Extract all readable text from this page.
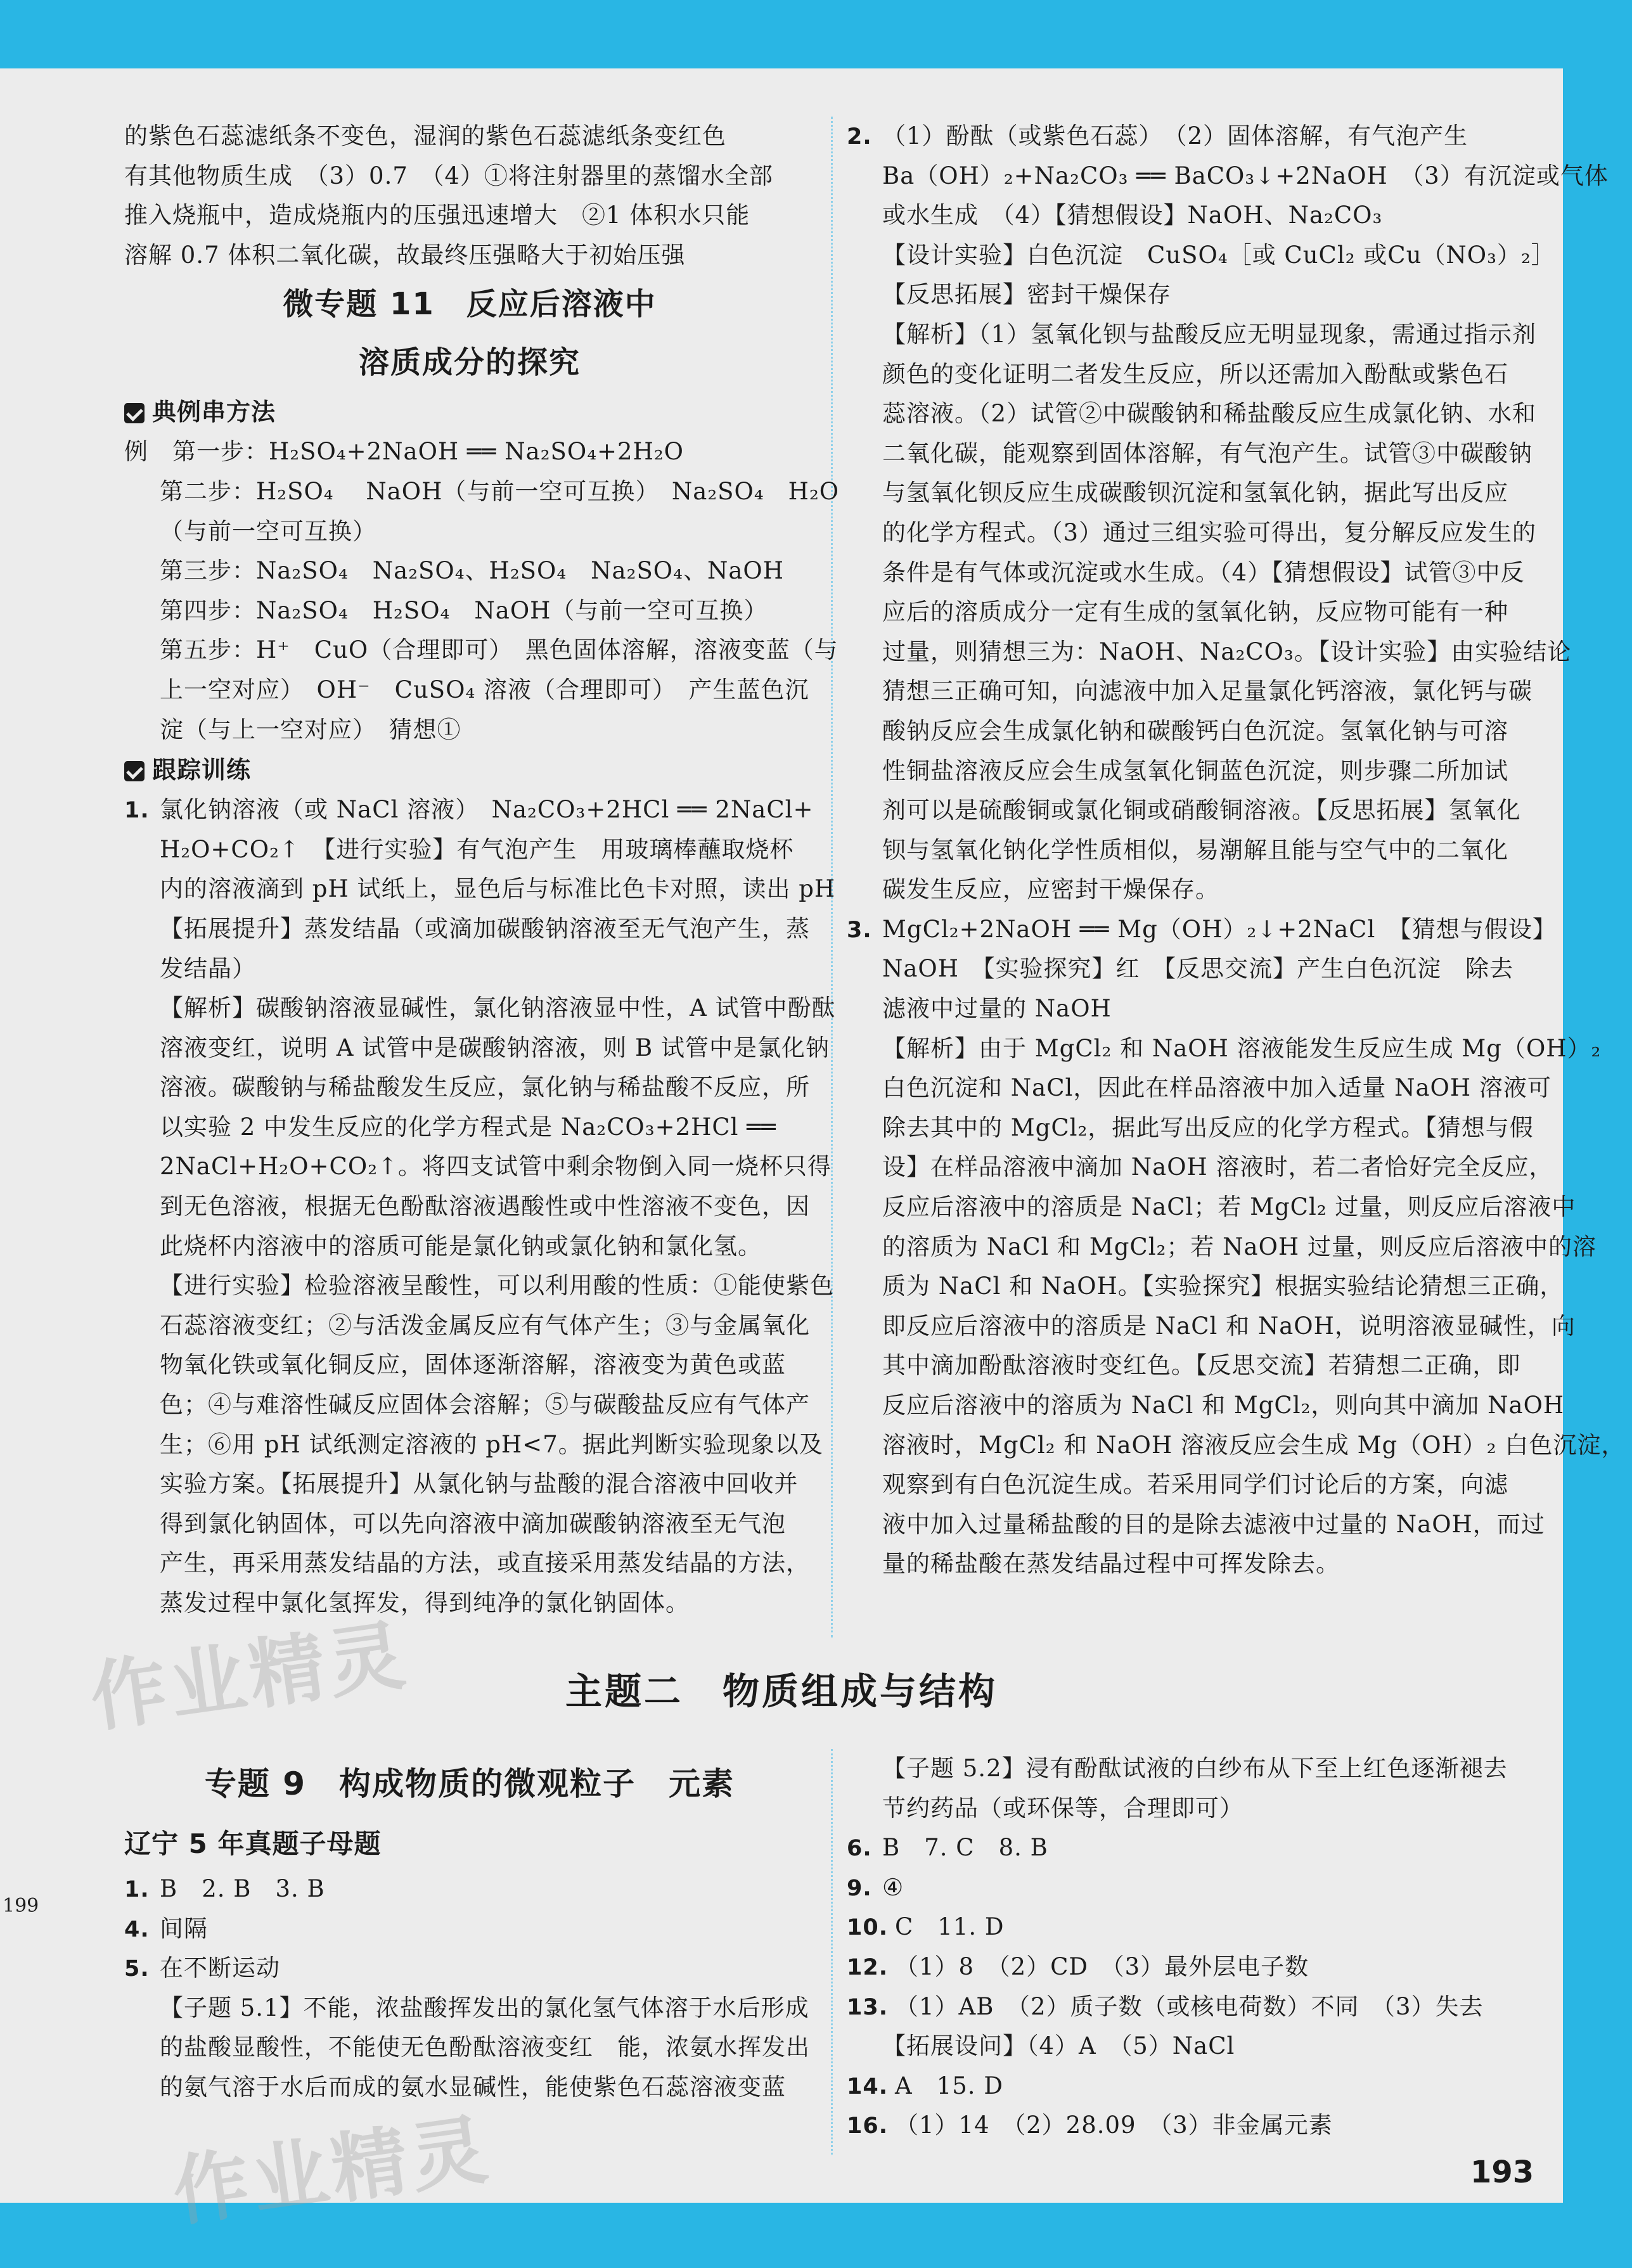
的紫色石蕊滤纸条不变色，湿润的紫色石蕊滤纸条变红色
有其他物质生成　（3）0.7　（4）①将注射器里的蒸馏水全部
推入烧瓶中，造成烧瓶内的压强迅速增大　②1 体积水只能
溶解 0.7 体积二氧化碳，故最终压强略大于初始压强
微专题 11　反应后溶液中
溶质成分的探究
典例串方法
例　第一步：H₂SO₄+2NaOH ══ Na₂SO₄+2H₂O
第二步：H₂SO₄　 NaOH（与前一空可互换）　Na₂SO₄　H₂O
（与前一空可互换）
第三步：Na₂SO₄　Na₂SO₄、H₂SO₄　Na₂SO₄、NaOH
第四步：Na₂SO₄　H₂SO₄　NaOH（与前一空可互换）
第五步：H⁺　CuO（合理即可）　黑色固体溶解，溶液变蓝（与
上一空对应）　OH⁻　CuSO₄ 溶液（合理即可）　产生蓝色沉
淀（与上一空对应）　猜想①
跟踪训练
1. 氯化钠溶液（或 NaCl 溶液）　Na₂CO₃+2HCl ══ 2NaCl+
H₂O+CO₂↑　【进行实验】有气泡产生　用玻璃棒蘸取烧杯
内的溶液滴到 pH 试纸上，显色后与标准比色卡对照，读出 pH
【拓展提升】蒸发结晶（或滴加碳酸钠溶液至无气泡产生，蒸
发结晶）
【解析】碳酸钠溶液显碱性，氯化钠溶液显中性，A 试管中酚酞
溶液变红，说明 A 试管中是碳酸钠溶液，则 B 试管中是氯化钠
溶液。碳酸钠与稀盐酸发生反应，氯化钠与稀盐酸不反应，所
以实验 2 中发生反应的化学方程式是 Na₂CO₃+2HCl ══
2NaCl+H₂O+CO₂↑。将四支试管中剩余物倒入同一烧杯只得
到无色溶液，根据无色酚酞溶液遇酸性或中性溶液不变色，因
此烧杯内溶液中的溶质可能是氯化钠或氯化钠和氯化氢。
【进行实验】检验溶液呈酸性，可以利用酸的性质：①能使紫色
石蕊溶液变红；②与活泼金属反应有气体产生；③与金属氧化
物氧化铁或氧化铜反应，固体逐渐溶解，溶液变为黄色或蓝
色；④与难溶性碱反应固体会溶解；⑤与碳酸盐反应有气体产
生；⑥用 pH 试纸测定溶液的 pH<7。据此判断实验现象以及
实验方案。【拓展提升】从氯化钠与盐酸的混合溶液中回收并
得到氯化钠固体，可以先向溶液中滴加碳酸钠溶液至无气泡
产生，再采用蒸发结晶的方法，或直接采用蒸发结晶的方法，
蒸发过程中氯化氢挥发，得到纯净的氯化钠固体。
2. （1）酚酞（或紫色石蕊）　（2）固体溶解，有气泡产生
Ba（OH）₂+Na₂CO₃ ══ BaCO₃↓+2NaOH　（3）有沉淀或气体
或水生成　（4）【猜想假设】NaOH、Na₂CO₃
【设计实验】白色沉淀　CuSO₄［或 CuCl₂ 或Cu（NO₃）₂］
【反思拓展】密封干燥保存
【解析】（1）氢氧化钡与盐酸反应无明显现象，需通过指示剂
颜色的变化证明二者发生反应，所以还需加入酚酞或紫色石
蕊溶液。（2）试管②中碳酸钠和稀盐酸反应生成氯化钠、水和
二氧化碳，能观察到固体溶解，有气泡产生。试管③中碳酸钠
与氢氧化钡反应生成碳酸钡沉淀和氢氧化钠，据此写出反应
的化学方程式。（3）通过三组实验可得出，复分解反应发生的
条件是有气体或沉淀或水生成。（4）【猜想假设】试管③中反
应后的溶质成分一定有生成的氢氧化钠，反应物可能有一种
过量，则猜想三为：NaOH、Na₂CO₃。【设计实验】由实验结论
猜想三正确可知，向滤液中加入足量氯化钙溶液，氯化钙与碳
酸钠反应会生成氯化钠和碳酸钙白色沉淀。氢氧化钠与可溶
性铜盐溶液反应会生成氢氧化铜蓝色沉淀，则步骤二所加试
剂可以是硫酸铜或氯化铜或硝酸铜溶液。【反思拓展】氢氧化
钡与氢氧化钠化学性质相似，易潮解且能与空气中的二氧化
碳发生反应，应密封干燥保存。
3. MgCl₂+2NaOH ══ Mg（OH）₂↓+2NaCl　【猜想与假设】
NaOH　【实验探究】红　【反思交流】产生白色沉淀　除去
滤液中过量的 NaOH
【解析】由于 MgCl₂ 和 NaOH 溶液能发生反应生成 Mg（OH）₂
白色沉淀和 NaCl，因此在样品溶液中加入适量 NaOH 溶液可
除去其中的 MgCl₂，据此写出反应的化学方程式。【猜想与假
设】在样品溶液中滴加 NaOH 溶液时，若二者恰好完全反应，
反应后溶液中的溶质是 NaCl；若 MgCl₂ 过量，则反应后溶液中
的溶质为 NaCl 和 MgCl₂；若 NaOH 过量，则反应后溶液中的溶
质为 NaCl 和 NaOH。【实验探究】根据实验结论猜想三正确，
即反应后溶液中的溶质是 NaCl 和 NaOH，说明溶液显碱性，向
其中滴加酚酞溶液时变红色。【反思交流】若猜想二正确，即
反应后溶液中的溶质为 NaCl 和 MgCl₂，则向其中滴加 NaOH
溶液时，MgCl₂ 和 NaOH 溶液反应会生成 Mg（OH）₂ 白色沉淀，
观察到有白色沉淀生成。若采用同学们讨论后的方案，向滤
液中加入过量稀盐酸的目的是除去滤液中过量的 NaOH，而过
量的稀盐酸在蒸发结晶过程中可挥发除去。
作业精灵
作业精灵
主题二　物质组成与结构
专题 9　构成物质的微观粒子　元素
辽宁 5 年真题子母题
1. B　2. B　3. B
4. 间隔
5. 在不断运动
【子题 5.1】不能，浓盐酸挥发出的氯化氢气体溶于水后形成
的盐酸显酸性，不能使无色酚酞溶液变红　能，浓氨水挥发出
的氨气溶于水后而成的氨水显碱性，能使紫色石蕊溶液变蓝
【子题 5.2】浸有酚酞试液的白纱布从下至上红色逐渐褪去
节约药品（或环保等，合理即可）
6. B　7. C　8. B
9. ④
10. C　11. D
12. （1）8　（2）CD　（3）最外层电子数
13. （1）AB　（2）质子数（或核电荷数）不同　（3）失去
【拓展设问】（4）A　（5）NaCl
14. A　15. D
16. （1）14　（2）28.09　（3）非金属元素
199
193
